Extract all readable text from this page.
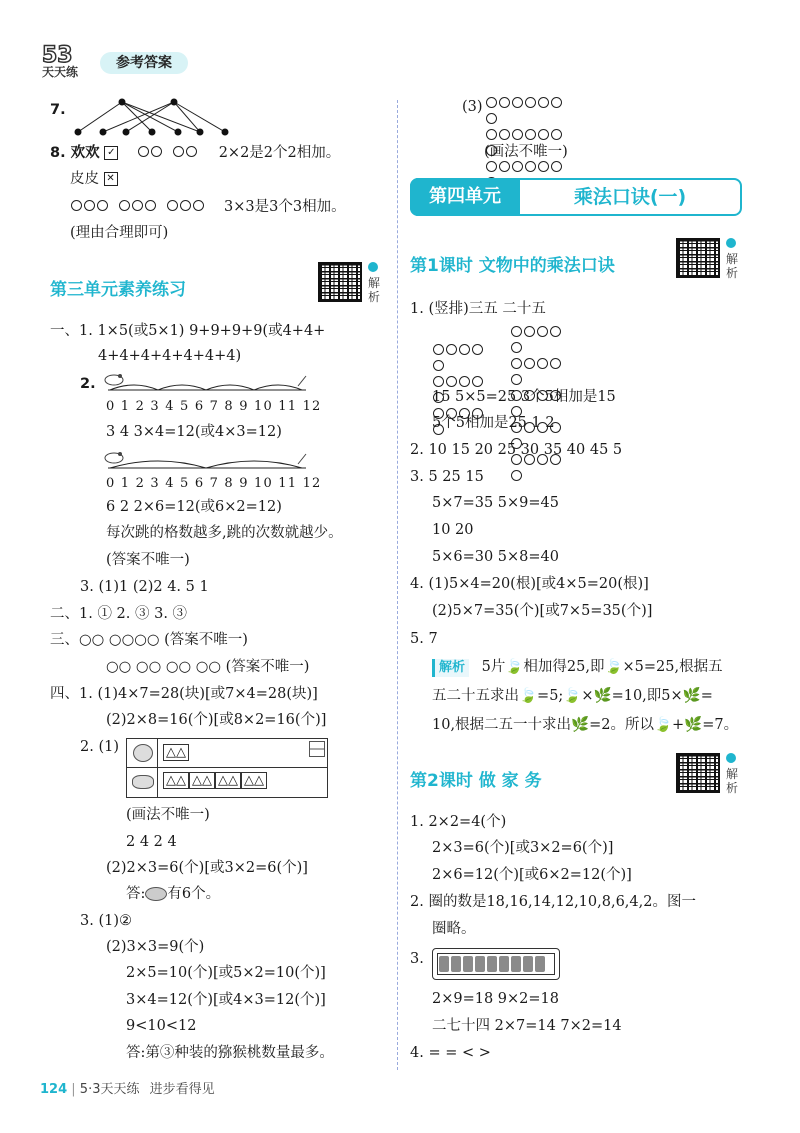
53
天天练
参考答案
7.
8. 欢欢 ✓	2×2是2个2相加。
皮皮 ✕
3×3是3个3相加。
(理由合理即可)
第三单元素养练习	解析
一、1. 1×5(或5×1) 9+9+9+9(或4+4+
4+4+4+4+4+4+4)
2.
0 1 2 3 4 5 6 7 8 9 10 11 12
3 4 3×4=12(或4×3=12)
0 1 2 3 4 5 6 7 8 9 10 11 12
6 2 2×6=12(或6×2=12)
每次跳的格数越多,跳的次数就越少。
(答案不唯一)
3. (1)1 (2)2 4. 5 1
二、1. ① 2. ③ 3. ③
三、○○ ○○○○ (答案不唯一)
○○ ○○ ○○ ○○ (答案不唯一)
四、1. (1)4×7=28(块)[或7×4=28(块)]
(2)2×8=16(个)[或8×2=16(个)]
2. (1)	△△
△△ △△ △△ △△
(画法不唯一)
2 4 2 4
(2)2×3=6(个)[或3×2=6(个)]
答: 有6个。
3. (1)②
(2)3×3=9(个)
2×5=10(个)[或5×2=10(个)]
3×4=12(个)[或4×3=12(个)]
9<10<12
答:第③种装的猕猴桃数量最多。
(3)

(画法不唯一)
第四单元	乘法口诀(一)
第1课时 文物中的乘法口诀	解析
1. (竖排)三五 二十五

15 5×5=25 3个5相加是15
5个5相加是25 1 2
2. 10 15 20 25 30 35 40 45 5
3. 5 25 15
5×7=35 5×9=45
10 20
5×6=30 5×8=40
4. (1)5×4=20(根)[或4×5=20(根)]
(2)5×7=35(个)[或7×5=35(个)]
5. 7
解析 5片🍃相加得25,即🍃×5=25,根据五
五二十五求出🍃=5;🍃×🌿=10,即5×🌿=
10,根据二五一十求出🌿=2。所以🍃+🌿=7。
第2课时 做 家 务	解析
1. 2×2=4(个)
2×3=6(个)[或3×2=6(个)]
2×6=12(个)[或6×2=12(个)]
2. 圈的数是18,16,14,12,10,8,6,4,2。图一
圈略。
3.
2×9=18 9×2=18
二七十四 2×7=14 7×2=14
4. = = < >
124 | 5·3天天练 进步看得见
